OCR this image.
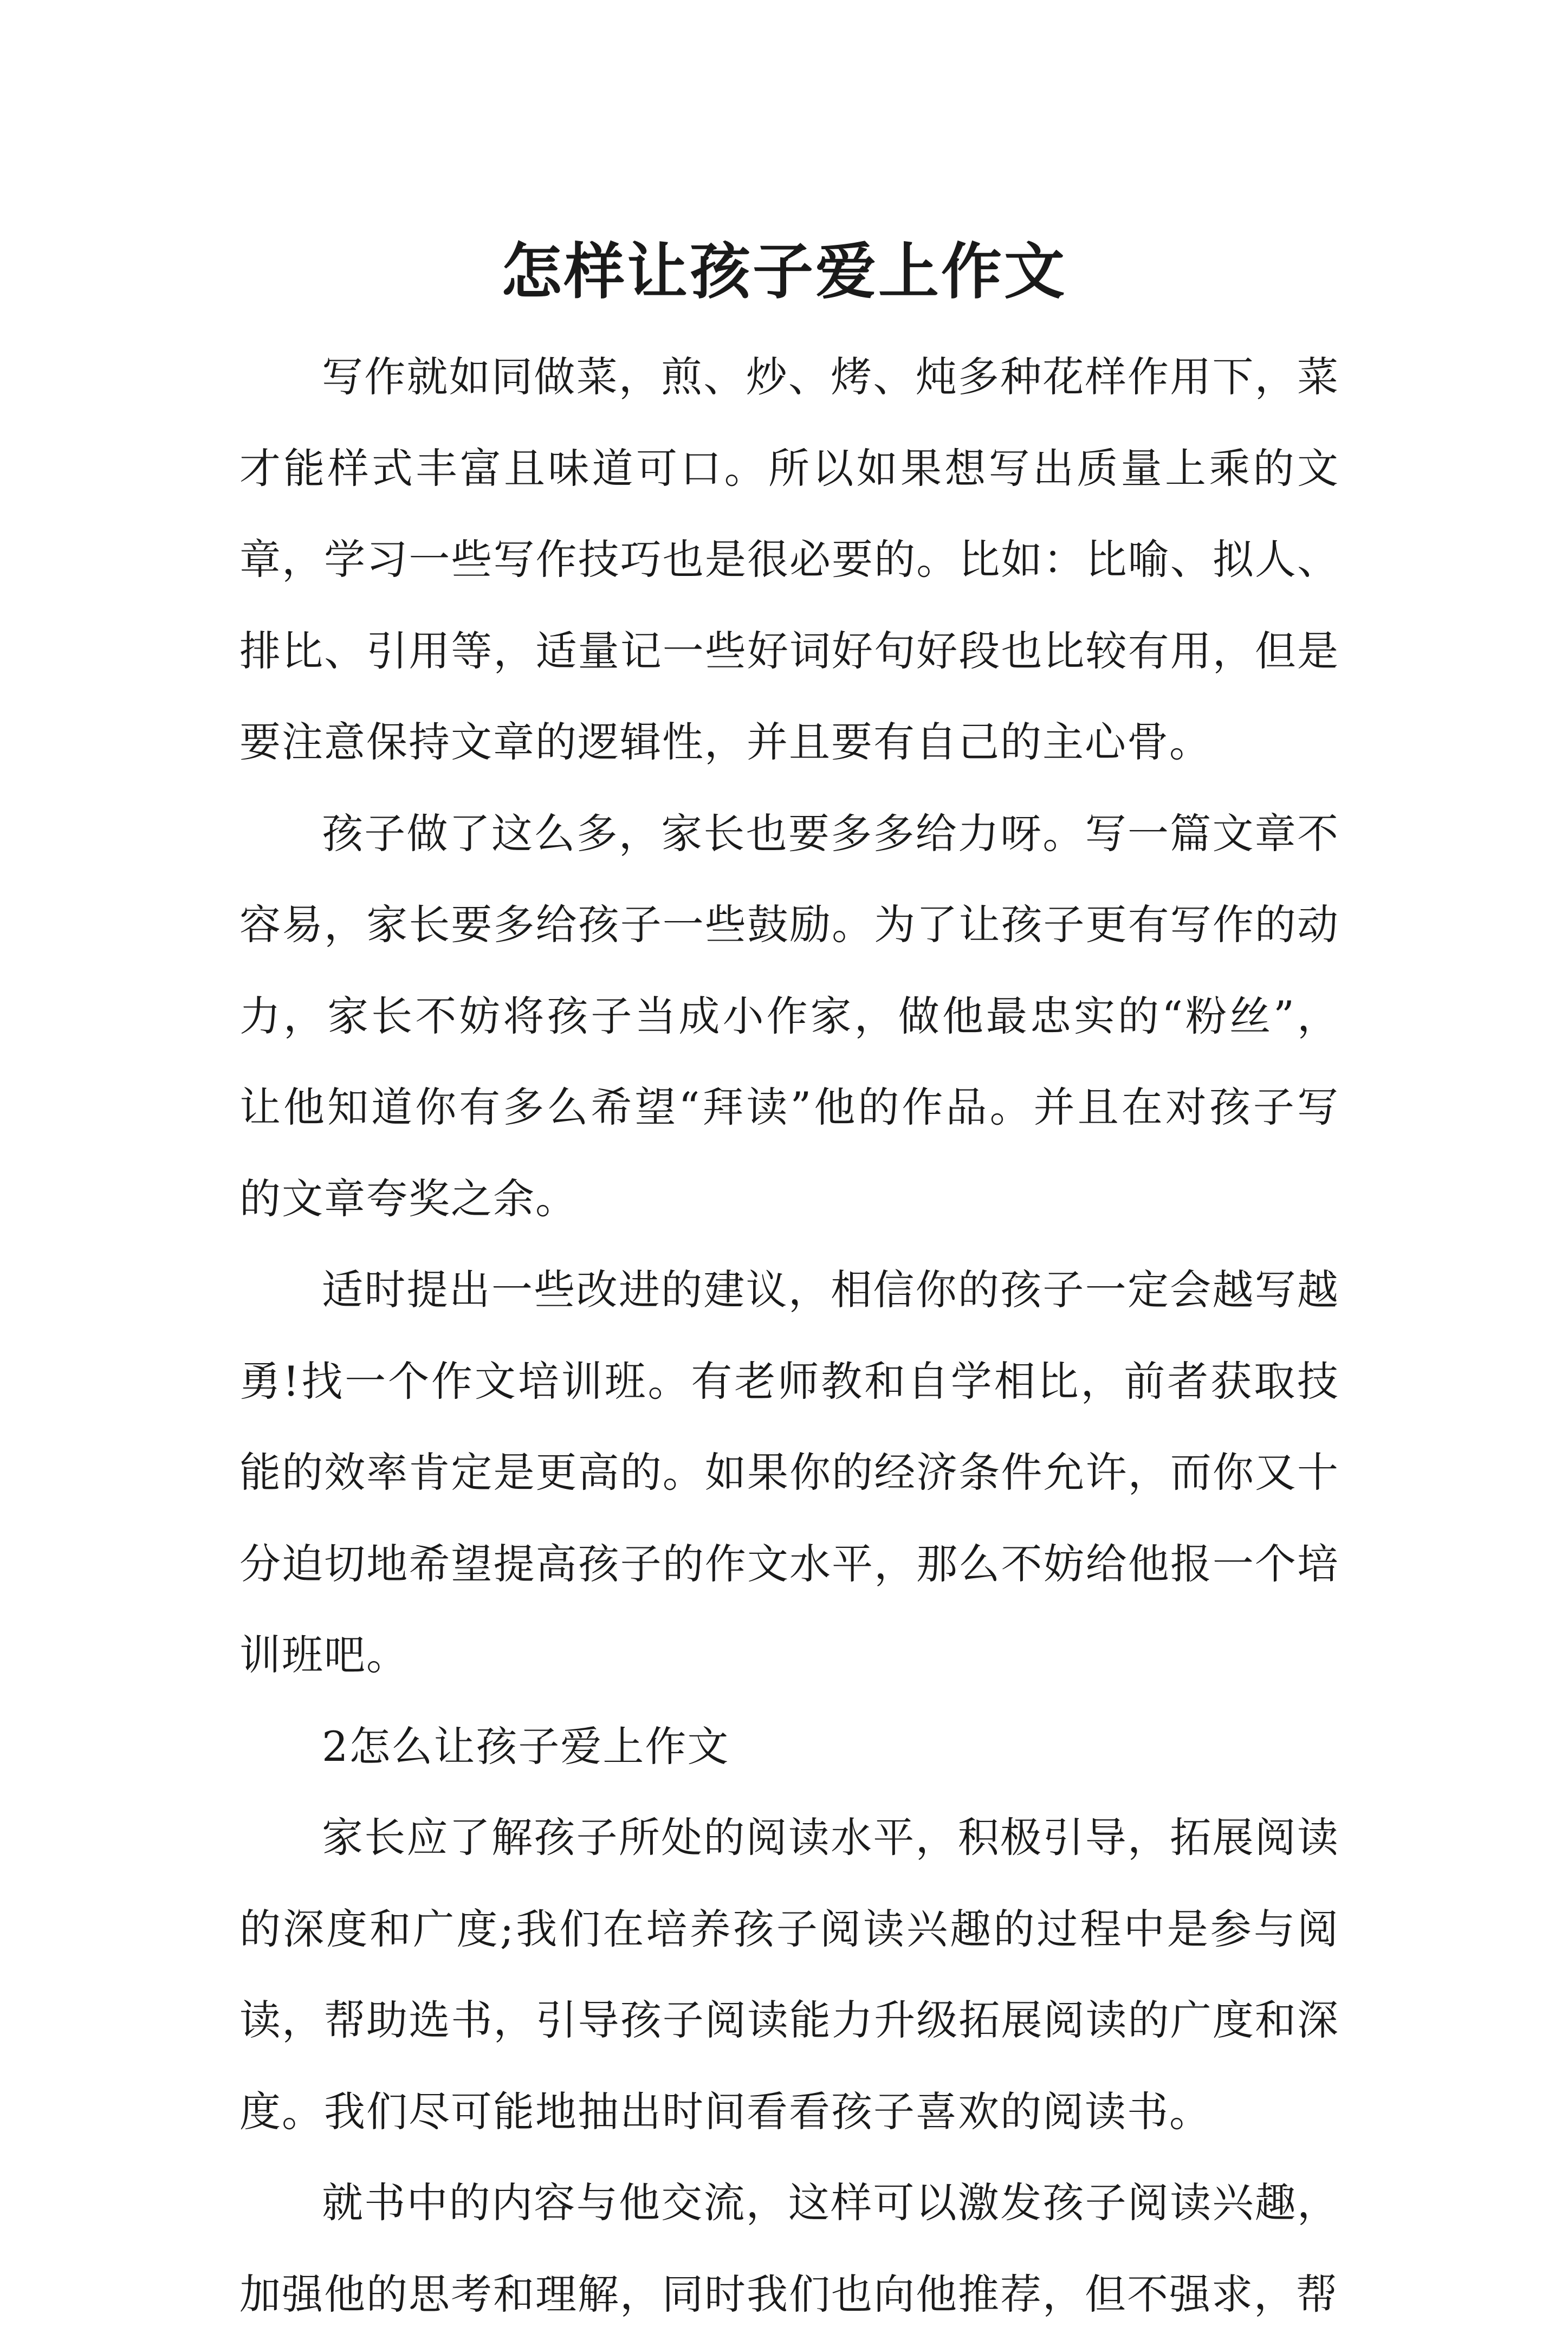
怎样让孩子爱上作文

写作就如同做菜，煎、炒、烤、炖多种花样作用下，菜才能样式丰富且味道可口。所以如果想写出质量上乘的文章，学习一些写作技巧也是很必要的。比如：比喻、拟人、排比、引用等，适量记一些好词好句好段也比较有用，但是要注意保持文章的逻辑性，并且要有自己的主心骨。

孩子做了这么多，家长也要多多给力呀。写一篇文章不容易，家长要多给孩子一些鼓励。为了让孩子更有写作的动力，家长不妨将孩子当成小作家，做他最忠实的“粉丝”，让他知道你有多么希望“拜读”他的作品。并且在对孩子写的文章夸奖之余。

适时提出一些改进的建议，相信你的孩子一定会越写越勇!找一个作文培训班。有老师教和自学相比，前者获取技能的效率肯定是更高的。如果你的经济条件允许，而你又十分迫切地希望提高孩子的作文水平，那么不妨给他报一个培训班吧。

2怎么让孩子爱上作文

家长应了解孩子所处的阅读水平，积极引导，拓展阅读的深度和广度;我们在培养孩子阅读兴趣的过程中是参与阅读，帮助选书，引导孩子阅读能力升级拓展阅读的广度和深度。我们尽可能地抽出时间看看孩子喜欢的阅读书。

就书中的内容与他交流，这样可以激发孩子阅读兴趣，加强他的思考和理解，同时我们也向他推荐，但不强求，帮
